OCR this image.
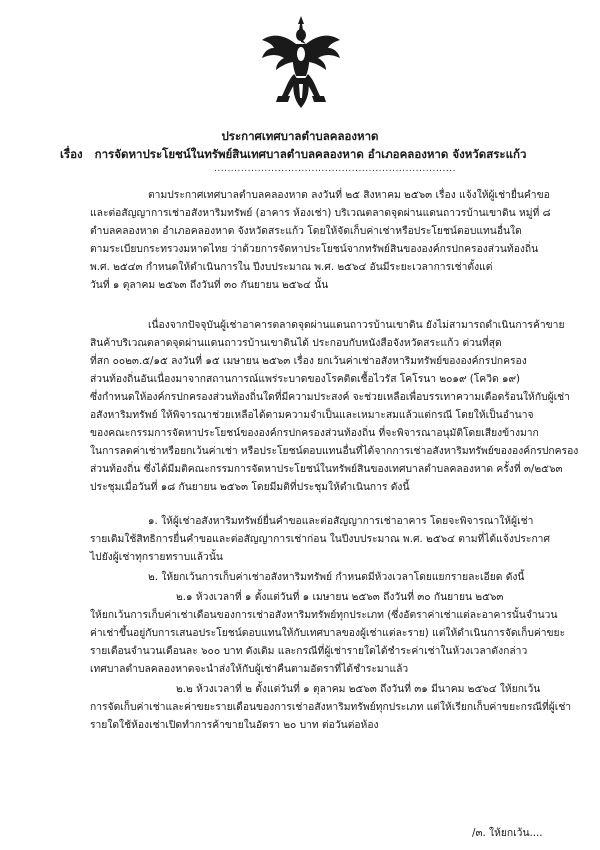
ประกาศเทศบาลตำบลคลองหาด
เรื่อง การจัดหาประโยชน์ในทรัพย์สินเทศบาลตำบลคลองหาด อำเภอคลองหาด จังหวัดสระแก้ว
........................................................................
ตามประกาศเทศบาลตำบลคลองหาด ลงวันที่ ๒๕ สิงหาคม ๒๕๖๓ เรื่อง แจ้งให้ผู้เช่ายื่นคำขอ
และต่อสัญญาการเช่าอสังหาริมทรัพย์ (อาคาร ห้องเช่า) บริเวณตลาดจุดผ่านแดนถาวรบ้านเขาดิน หมู่ที่ ๘
ตำบลคลองหาด อำเภอคลองหาด จังหวัดสระแก้ว โดยให้จัดเก็บค่าเช่าหรือประโยชน์ตอบแทนอื่นใด
ตามระเบียบกระทรวงมหาดไทย ว่าด้วยการจัดหาประโยชน์จากทรัพย์สินขององค์กรปกครองส่วนท้องถิ่น
พ.ศ. ๒๕๔๓ กำหนดให้ดำเนินการใน ปีงบประมาณ พ.ศ. ๒๕๖๔ อันมีระยะเวลาการเช่าตั้งแต่
วันที่ ๑ ตุลาคม ๒๕๖๓ ถึงวันที่ ๓๐ กันยายน ๒๕๖๔ นั้น
เนื่องจากปัจจุบันผู้เช่าอาคารตลาดจุดผ่านแดนถาวรบ้านเขาดิน ยังไม่สามารถดำเนินการค้าขาย
สินค้าบริเวณตลาดจุดผ่านแดนถาวรบ้านเขาดินได้ ประกอบกับหนังสือจังหวัดสระแก้ว ด่วนที่สุด
ที่สก ๐๐๒๓.๕/๑๕ ลงวันที่ ๑๕ เมษายน ๒๕๖๓ เรื่อง ยกเว้นค่าเช่าอสังหาริมทรัพย์ขององค์กรปกครอง
ส่วนท้องถิ่นอันเนื่องมาจากสถานการณ์แพร่ระบาดของโรคติดเชื้อไวรัส โคโรนา ๒๐๑๙ (โควิด ๑๙)
ซึ่งกำหนดให้องค์กรปกครองส่วนท้องถิ่นใดที่มีความประสงค์ จะช่วยเหลือเพื่อบรรเทาความเดือดร้อนให้กับผู้เช่า
อสังหาริมทรัพย์ ให้พิจารณาช่วยเหลือได้ตามความจำเป็นและเหมาะสมแล้วแต่กรณี โดยให้เป็นอำนาจ
ของคณะกรรมการจัดหาประโยชน์ขององค์กรปกครองส่วนท้องถิ่น ที่จะพิจารณาอนุมัติโดยเสียงข้างมาก
ในการลดค่าเช่าหรือยกเว้นค่าเช่า หรือประโยชน์ตอบแทนอื่นที่ได้จากการเช่าอสังหาริมทรัพย์ขององค์กรปกครอง
ส่วนท้องถิ่น ซึ่งได้มีมติคณะกรรมการจัดหาประโยชน์ในทรัพย์สินของเทศบาลตำบลคลองหาด ครั้งที่ ๓/๒๕๖๓
ประชุมเมื่อวันที่ ๑๘ กันยายน ๒๕๖๓ โดยมีมติที่ประชุมให้ดำเนินการ ดังนี้
๑. ให้ผู้เช่าอสังหาริมทรัพย์ยื่นคำขอและต่อสัญญาการเช่าอาคาร โดยจะพิจารณาให้ผู้เช่า
รายเดิมใช้สิทธิการยื่นคำขอและต่อสัญญาการเช่าก่อน ในปีงบประมาณ พ.ศ. ๒๕๖๔ ตามที่ได้แจ้งประกาศ
ไปยังผู้เช่าทุกรายทราบแล้วนั้น
๒. ให้ยกเว้นการเก็บค่าเช่าอสังหาริมทรัพย์ กำหนดมีห้วงเวลาโดยแยกรายละเอียด ดังนี้
๒.๑ ห้วงเวลาที่ ๑ ตั้งแต่วันที่ ๑ เมษายน ๒๕๖๓ ถึงวันที่ ๓๐ กันยายน ๒๕๖๓
ให้ยกเว้นการเก็บค่าเช่าเดือนของการเช่าอสังหาริมทรัพย์ทุกประเภท (ซึ่งอัตราค่าเช่าแต่ละอาคารนั้นจำนวน
ค่าเช่าขึ้นอยู่กับการเสนอประโยชน์ตอบแทนให้กับเทศบาลของผู้เช่าแต่ละราย) แต่ให้ดำเนินการจัดเก็บค่าขยะ
รายเดือนจำนวนเดือนละ ๖๐๐ บาท ดังเดิม และกรณีที่ผู้เช่ารายใดได้ชำระค่าเช่าในห้วงเวลาดังกล่าว
เทศบาลตำบลคลองหาดจะนำส่งให้กับผู้เช่าคืนตามอัตราที่ได้ชำระมาแล้ว
๒.๒ ห้วงเวลาที่ ๒ ตั้งแต่วันที่ ๑ ตุลาคม ๒๕๖๓ ถึงวันที่ ๓๑ มีนาคม ๒๕๖๔ ให้ยกเว้น
การจัดเก็บค่าเช่าและค่าขยะรายเดือนของการเช่าอสังหาริมทรัพย์ทุกประเภท แต่ให้เรียกเก็บค่าขยะกรณีที่ผู้เช่า
รายใดใช้ห้องเช่าเปิดทำการค้าขายในอัตรา ๒๐ บาท ต่อวันต่อห้อง
/๓. ให้ยกเว้น....
